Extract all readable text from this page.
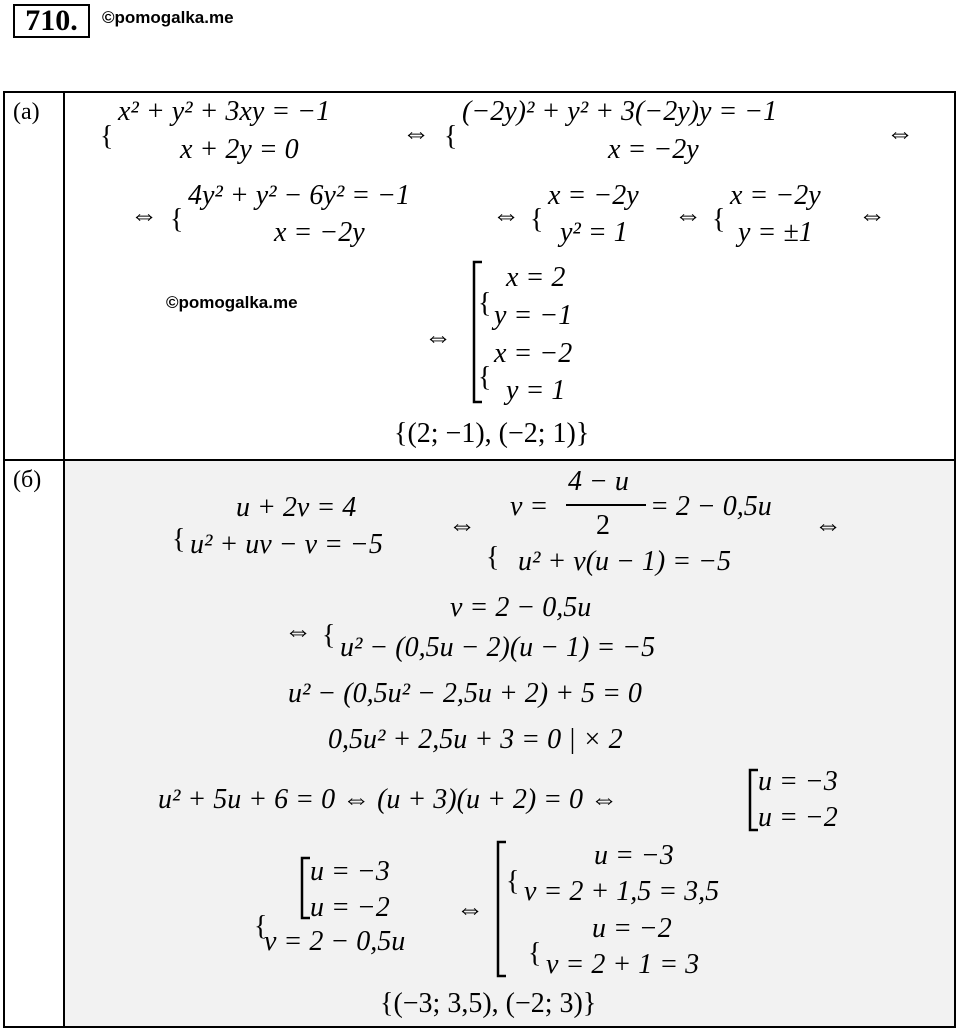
710.	©pomogalka.me
(a)
(б)
©pomogalka.me
{
x² + y² + 3xy = −1
x + 2y = 0
⇔ {
(−2y)² + y² + 3(−2y)y = −1
x = −2y
⇔
⇔ {
4y² + y² − 6y² = −1
x = −2y
⇔ {
x = −2y
y² = 1
⇔ {
x = −2y
y = ±1
⇔
⇔
{
x = 2
y = −1
{
x = −2
y = 1
{(2; −1), (−2; 1)}
{
u + 2v = 4
u² + uv − v = −5
⇔
{
v =
4 − u
2
= 2 − 0,5u
u² + v(u − 1) = −5
⇔
⇔ {
v = 2 − 0,5u
u² − (0,5u − 2)(u − 1) = −5
u² − (0,5u² − 2,5u + 2) + 5 = 0
0,5u² + 2,5u + 3 = 0 | × 2
u² + 5u + 6 = 0 ⇔ (u + 3)(u + 2) = 0 ⇔
u = −3
u = −2
{
u = −3
u = −2
v = 2 − 0,5u
⇔
{
u = −3
v = 2 + 1,5 = 3,5
{
u = −2
v = 2 + 1 = 3
{(−3; 3,5), (−2; 3)}
